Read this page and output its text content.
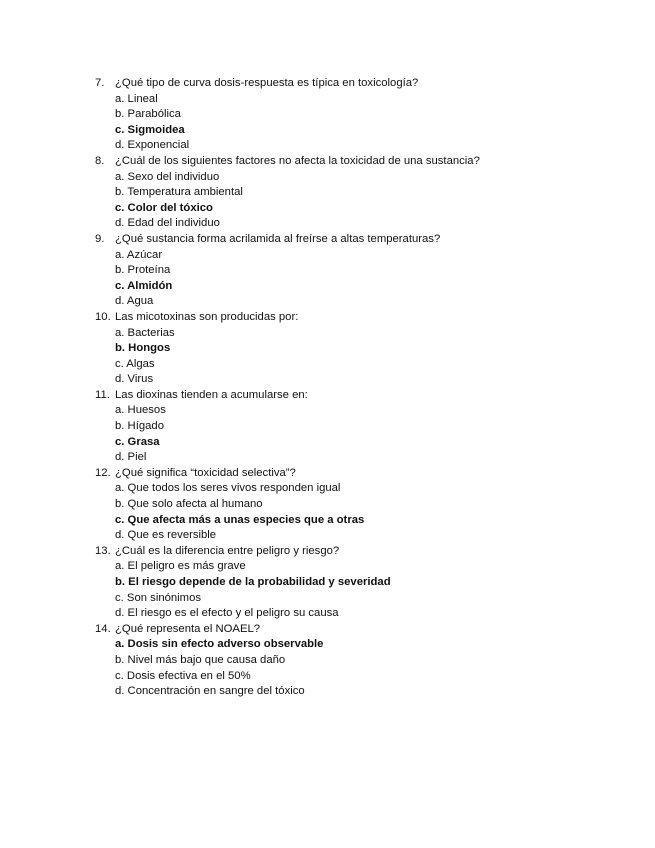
7. ¿Qué tipo de curva dosis-respuesta es típica en toxicología?
a. Lineal
b. Parabólica
c. Sigmoidea
d. Exponencial
8. ¿Cuál de los siguientes factores no afecta la toxicidad de una sustancia?
a. Sexo del individuo
b. Temperatura ambiental
c. Color del tóxico
d. Edad del individuo
9. ¿Qué sustancia forma acrilamida al freírse a altas temperaturas?
a. Azúcar
b. Proteína
c. Almidón
d. Agua
10. Las micotoxinas son producidas por:
a. Bacterias
b. Hongos
c. Algas
d. Virus
11. Las dioxinas tienden a acumularse en:
a. Huesos
b. Hígado
c. Grasa
d. Piel
12. ¿Qué significa “toxicidad selectiva”?
a. Que todos los seres vivos responden igual
b. Que solo afecta al humano
c. Que afecta más a unas especies que a otras
d. Que es reversible
13. ¿Cuál es la diferencia entre peligro y riesgo?
a. El peligro es más grave
b. El riesgo depende de la probabilidad y severidad
c. Son sinónimos
d. El riesgo es el efecto y el peligro su causa
14. ¿Qué representa el NOAEL?
a. Dosis sin efecto adverso observable
b. Nivel más bajo que causa daño
c. Dosis efectiva en el 50%
d. Concentración en sangre del tóxico
